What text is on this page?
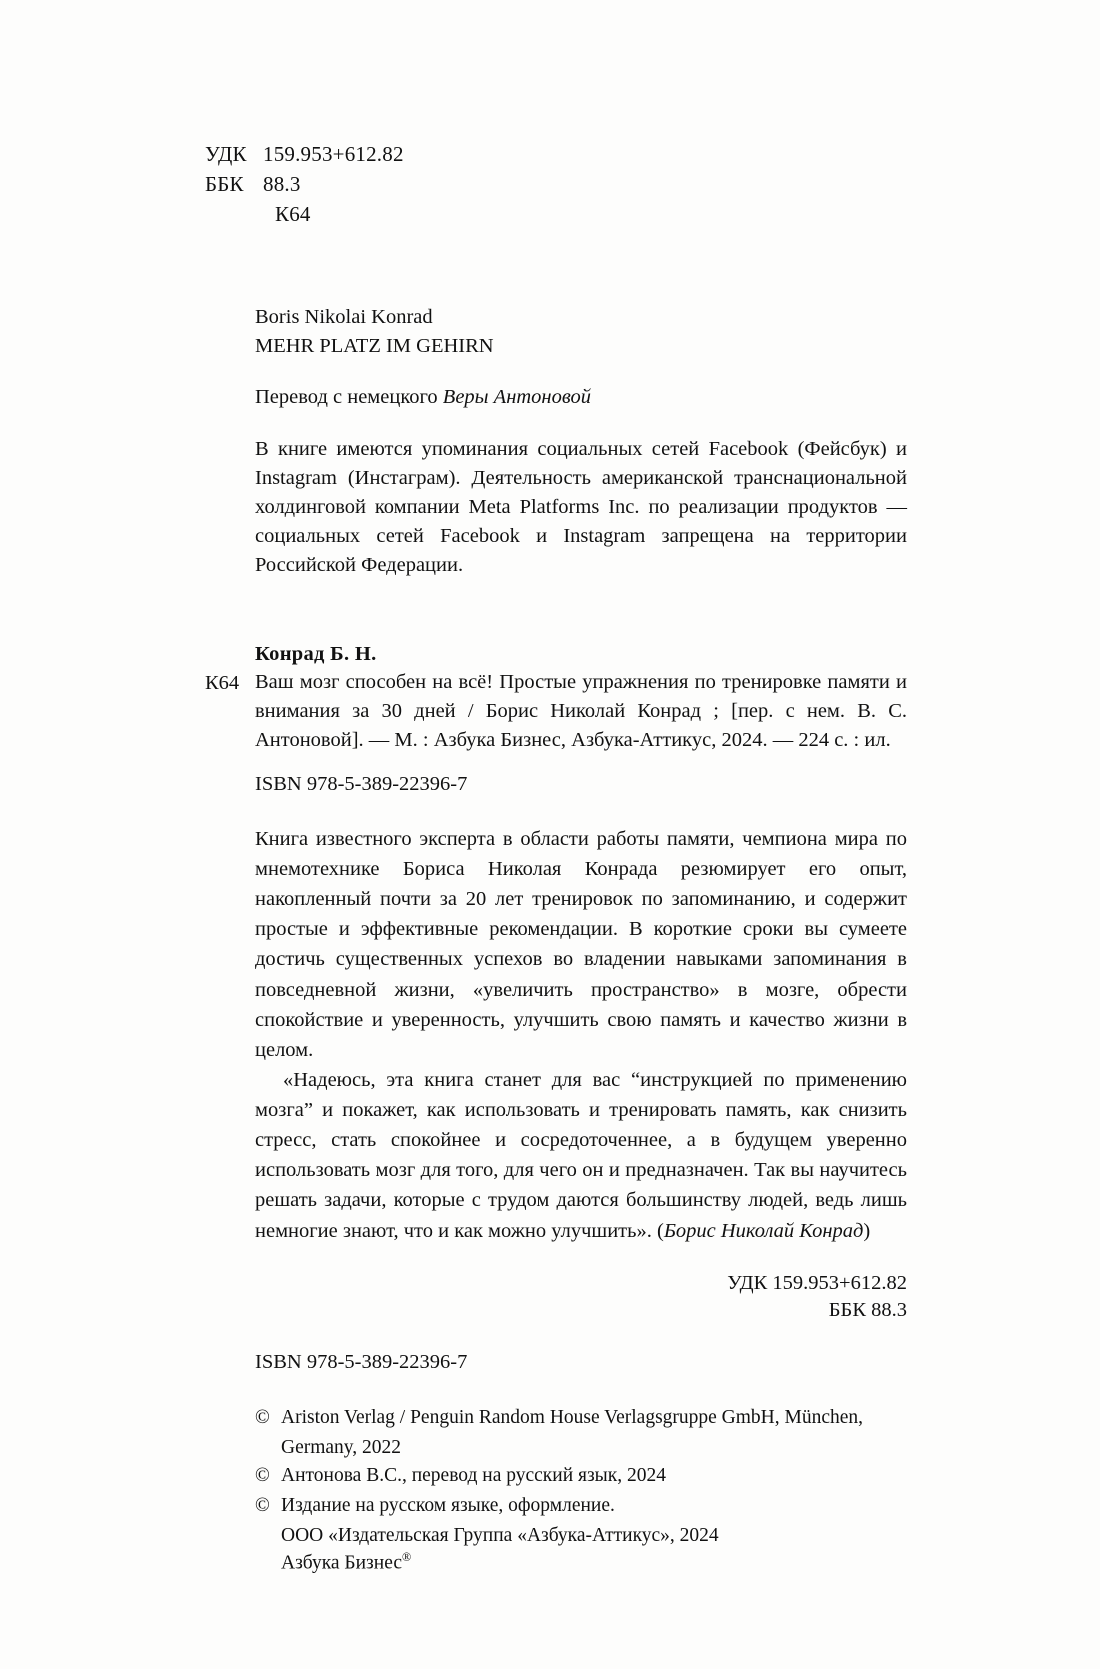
УДК 159.953+612.82
ББК 88.3
К64
Boris Nikolai Konrad
MEHR PLATZ IM GEHIRN
Перевод с немецкого Веры Антоновой
В книге имеются упоминания социальных сетей Facebook (Фейсбук) и Instagram (Инстаграм). Деятельность американской транснациональной холдинговой компании Meta Platforms Inc. по реализации продуктов — социальных сетей Facebook и Instagram запрещена на территории Российской Федерации.
Конрад Б. Н.
К64 Ваш мозг способен на всё! Простые упражнения по тренировке памяти и внимания за 30 дней / Борис Николай Конрад ; [пер. с нем. В. С. Антоновой]. — М. : Азбука Бизнес, Азбука-Аттикус, 2024. — 224 с. : ил.
ISBN 978-5-389-22396-7

Книга известного эксперта в области работы памяти, чемпиона мира по мнемотехнике Бориса Николая Конрада резюмирует его опыт, накопленный почти за 20 лет тренировок по запоминанию, и содержит простые и эффективные рекомендации. В короткие сроки вы сумеете достичь существенных успехов во владении навыками запоминания в повседневной жизни, «увеличить пространство» в мозге, обрести спокойствие и уверенность, улучшить свою память и качество жизни в целом.

«Надеюсь, эта книга станет для вас “инструкцией по применению мозга” и покажет, как использовать и тренировать память, как снизить стресс, стать спокойнее и сосредоточеннее, а в будущем уверенно использовать мозг для того, для чего он и предназначен. Так вы научитесь решать задачи, которые с трудом даются большинству людей, ведь лишь немногие знают, что и как можно улучшить». (Борис Николай Конрад)

УДК 159.953+612.82
ББК 88.3
ISBN 978-5-389-22396-7
© Ariston Verlag / Penguin Random House Verlagsgruppe GmbH, München,
Germany, 2022
© Антонова В.С., перевод на русский язык, 2024
© Издание на русском языке, оформление.
ООО «Издательская Группа «Азбука-Аттикус», 2024
Азбука Бизнес®
